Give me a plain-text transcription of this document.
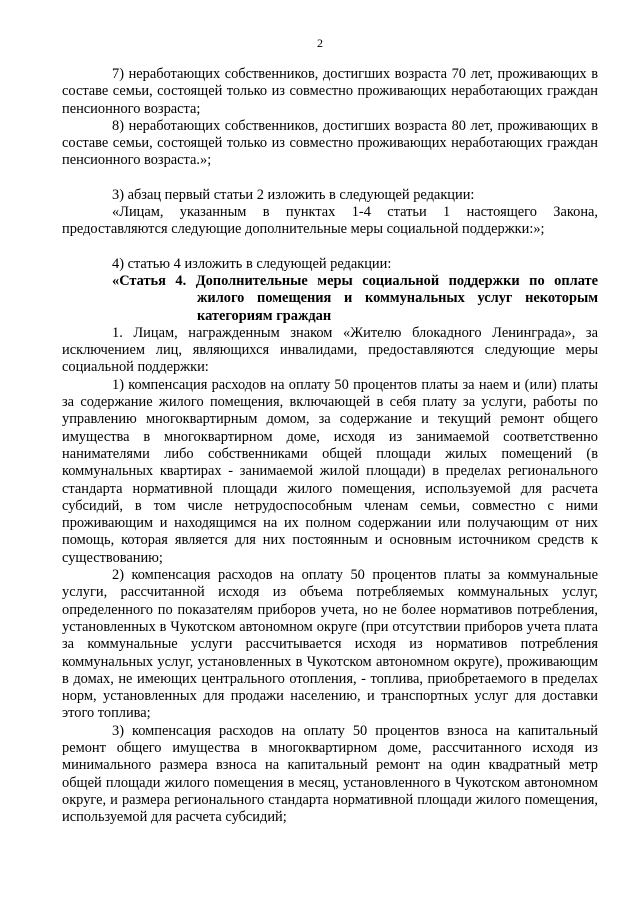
2

7) неработающих собственников, достигших возраста 70 лет, проживающих в составе семьи, состоящей только из совместно проживающих неработающих граждан пенсионного возраста;

8) неработающих собственников, достигших возраста 80 лет, проживающих в составе семьи, состоящей только из совместно проживающих неработающих граждан пенсионного возраста.»;

3) абзац первый статьи 2 изложить в следующей редакции:

«Лицам, указанным в пунктах 1-4 статьи 1 настоящего Закона, предоставляются следующие дополнительные меры социальной поддержки:»;

4) статью 4 изложить в следующей редакции:

«Статья 4. Дополнительные меры социальной поддержки по оплате жилого помещения и коммунальных услуг некоторым категориям граждан

1. Лицам, награжденным знаком «Жителю блокадного Ленинграда», за исключением лиц, являющихся инвалидами, предоставляются следующие меры социальной поддержки:

1) компенсация расходов на оплату 50 процентов платы за наем и (или) платы за содержание жилого помещения, включающей в себя плату за услуги, работы по управлению многоквартирным домом, за содержание и текущий ремонт общего имущества в многоквартирном доме, исходя из занимаемой соответственно нанимателями либо собственниками общей площади жилых помещений (в коммунальных квартирах - занимаемой жилой площади) в пределах регионального стандарта нормативной площади жилого помещения, используемой для расчета субсидий, в том числе нетрудоспособным членам семьи, совместно с ними проживающим и находящимся на их полном содержании или получающим от них помощь, которая является для них постоянным и основным источником средств к существованию;

2) компенсация расходов на оплату 50 процентов платы за коммунальные услуги, рассчитанной исходя из объема потребляемых коммунальных услуг, определенного по показателям приборов учета, но не более нормативов потребления, установленных в Чукотском автономном округе (при отсутствии приборов учета плата за коммунальные услуги рассчитывается исходя из нормативов потребления коммунальных услуг, установленных в Чукотском автономном округе), проживающим в домах, не имеющих центрального отопления, - топлива, приобретаемого в пределах норм, установленных для продажи населению, и транспортных услуг для доставки этого топлива;

3) компенсация расходов на оплату 50 процентов взноса на капитальный ремонт общего имущества в многоквартирном доме, рассчитанного исходя из минимального размера взноса на капитальный ремонт на один квадратный метр общей площади жилого помещения в месяц, установленного в Чукотском автономном округе, и размера регионального стандарта нормативной площади жилого помещения, используемой для расчета субсидий;
